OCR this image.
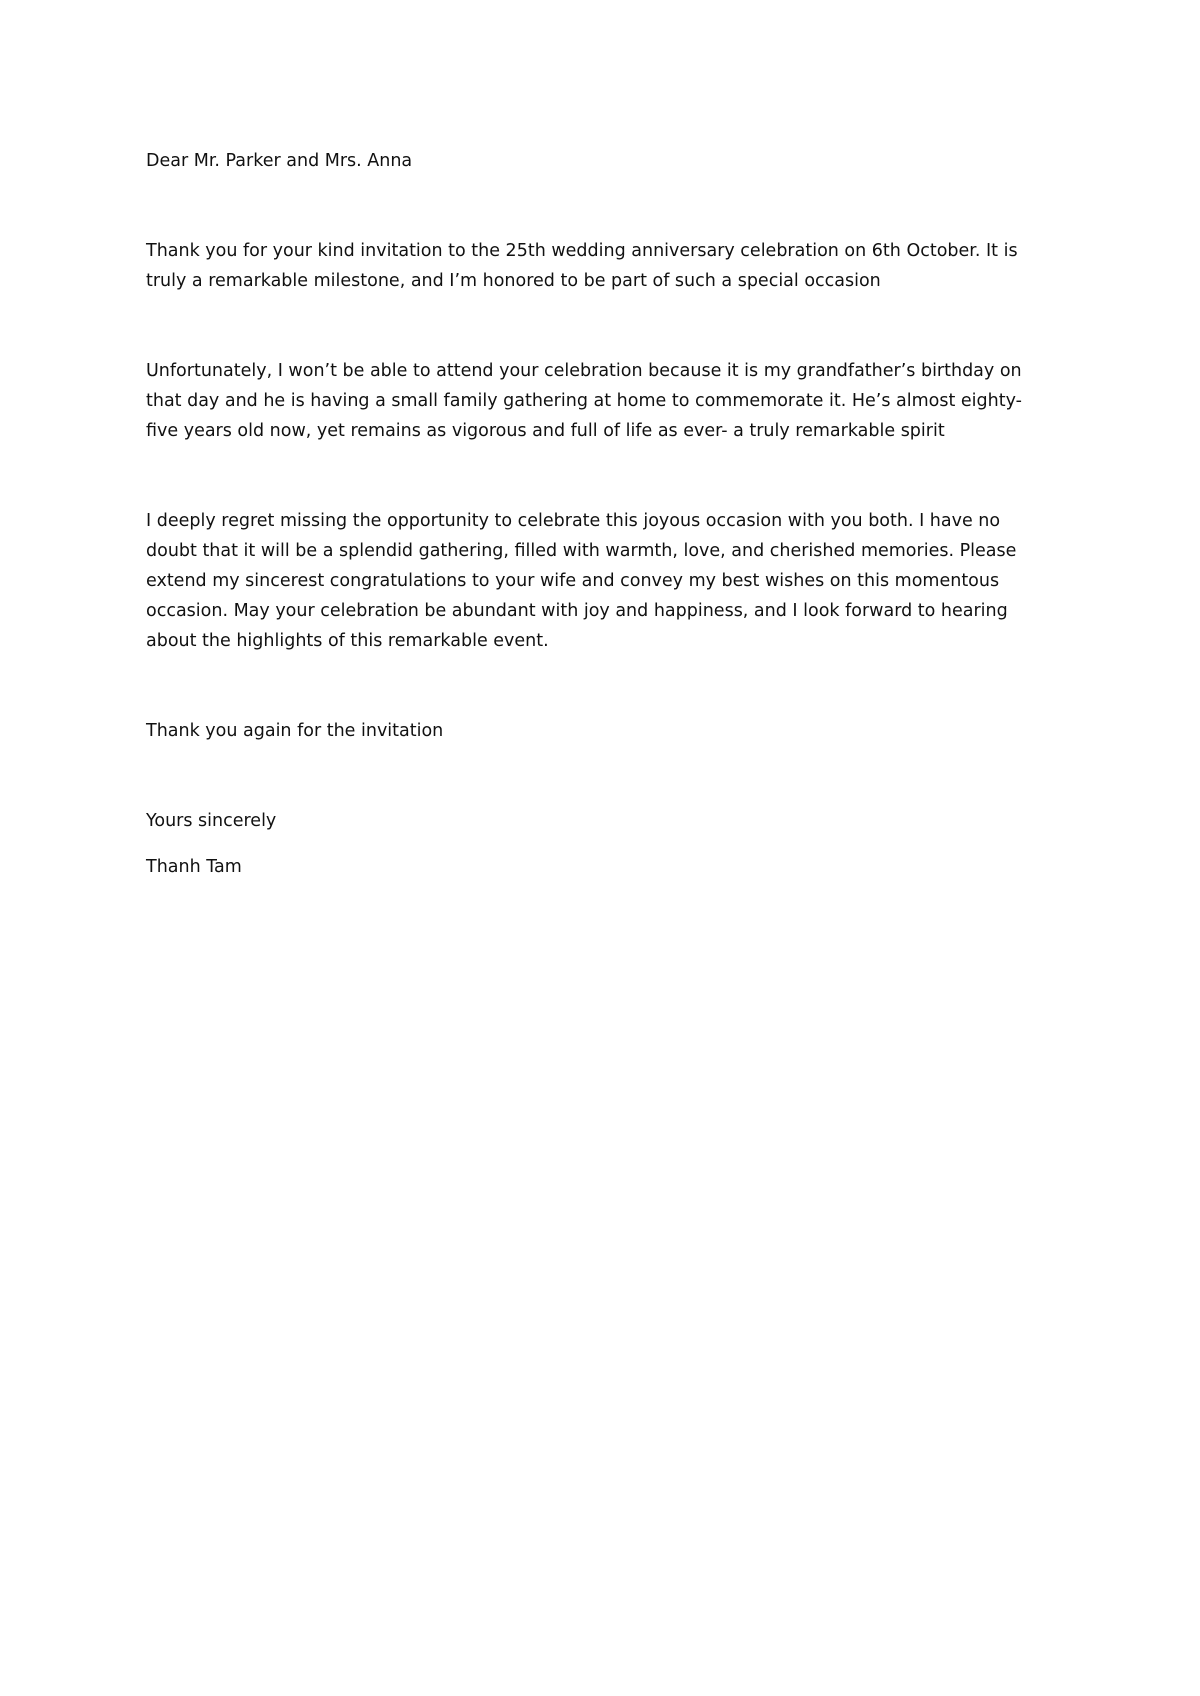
Dear Mr. Parker and Mrs. Anna

Thank you for your kind invitation to the 25th wedding anniversary celebration on 6th October. It is
truly a remarkable milestone, and I’m honored to be part of such a special occasion

Unfortunately, I won’t be able to attend your celebration because it is my grandfather’s birthday on
that day and he is having a small family gathering at home to commemorate it. He’s almost eighty-
five years old now, yet remains as vigorous and full of life as ever- a truly remarkable spirit

I deeply regret missing the opportunity to celebrate this joyous occasion with you both. I have no
doubt that it will be a splendid gathering, filled with warmth, love, and cherished memories. Please
extend my sincerest congratulations to your wife and convey my best wishes on this momentous
occasion. May your celebration be abundant with joy and happiness, and I look forward to hearing
about the highlights of this remarkable event.

Thank you again for the invitation

Yours sincerely

Thanh Tam
